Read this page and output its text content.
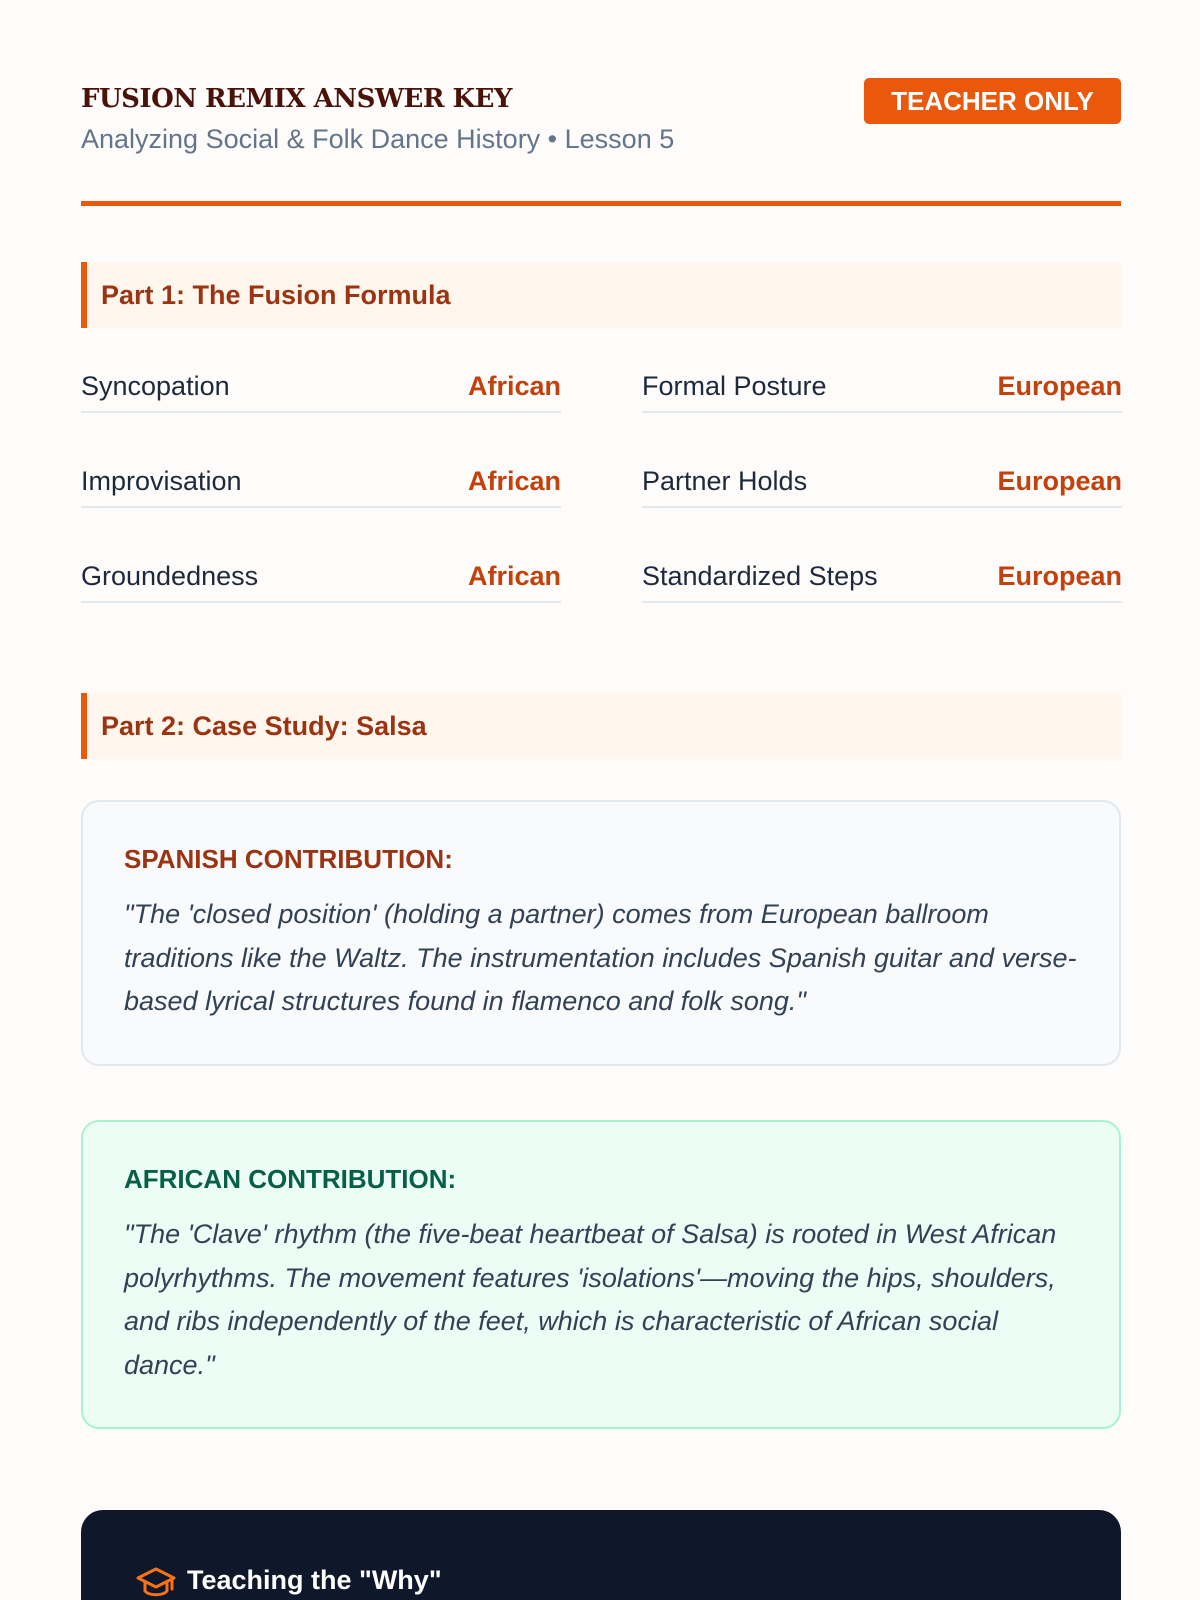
FUSION REMIX ANSWER KEY
Analyzing Social & Folk Dance History • Lesson 5
TEACHER ONLY
Part 1: The Fusion Formula
Syncopation	African	Formal Posture	European
Improvisation	African	Partner Holds	European
Groundedness	African	Standardized Steps	European
Part 2: Case Study: Salsa
SPANISH CONTRIBUTION:
"The 'closed position' (holding a partner) comes from European ballroom traditions like the Waltz. The instrumentation includes Spanish guitar and verse-based lyrical structures found in flamenco and folk song."
AFRICAN CONTRIBUTION:
"The 'Clave' rhythm (the five-beat heartbeat of Salsa) is rooted in West African polyrhythms. The movement features 'isolations'—moving the hips, shoulders, and ribs independently of the feet, which is characteristic of African social dance."
Teaching the "Why"
